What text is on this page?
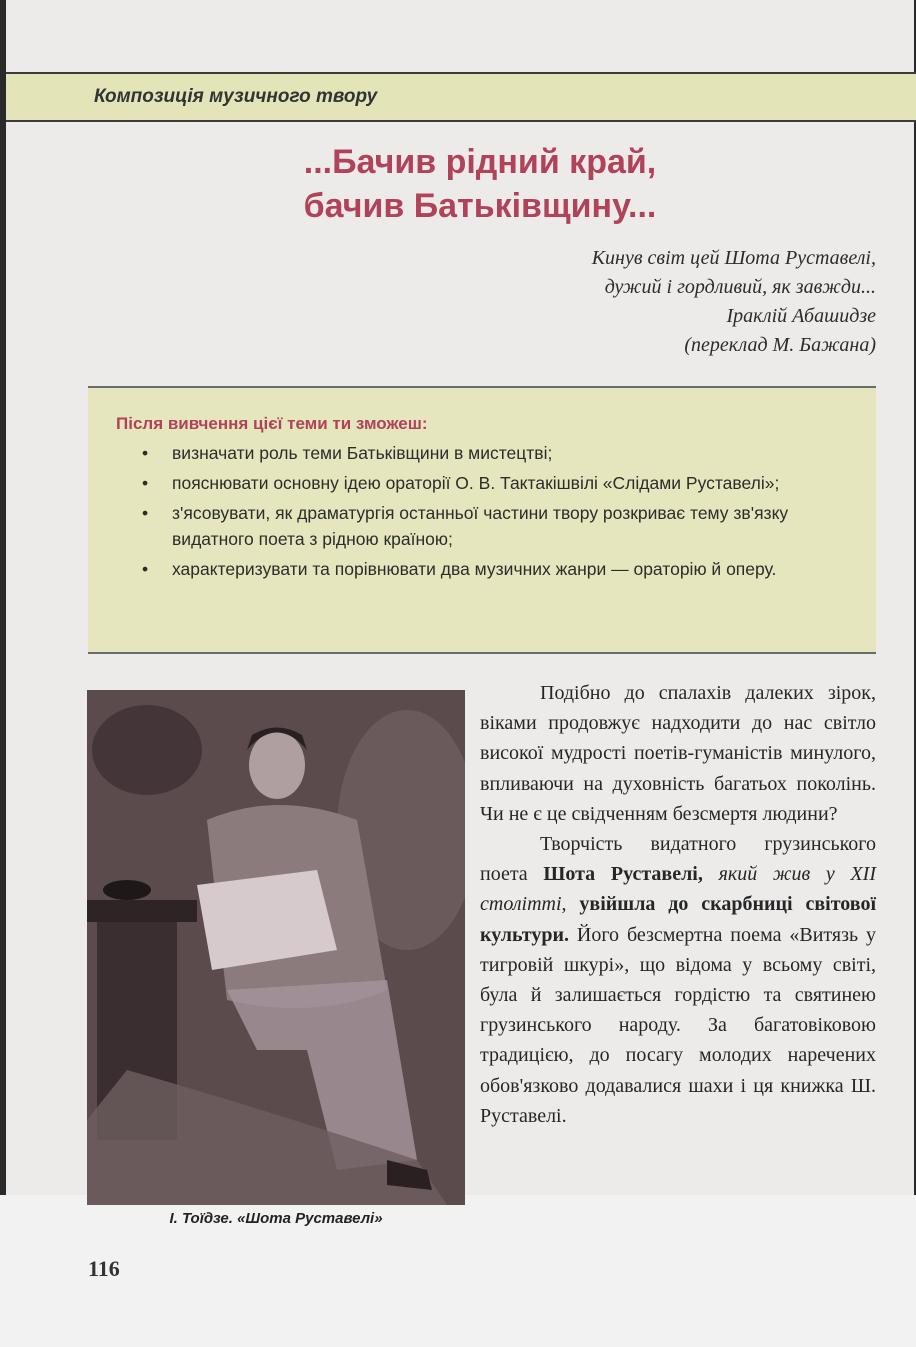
Композиція музичного твору
...Бачив рідний край,
бачив Батьківщину...
Кинув світ цей Шота Руставелі,
дужий і гордливий, як завжди...
Іраклій Абашидзе
(переклад М. Бажана)
Після вивчення цієї теми ти зможеш:
• визначати роль теми Батьківщини в мистецтві;
• пояснювати основну ідею ораторії О. В. Тактакішвілі «Слідами Руставелі»;
• з'ясовувати, як драматургія останньої частини твору розкриває тему зв'язку видатного поета з рідною країною;
• характеризувати та порівнювати два музичних жанри — ораторію й оперу.
І. Тоїдзе. «Шота Руставелі»

Подібно до спалахів далеких зірок, віками продовжує надходити до нас світло високої мудрості поетів-гуманістів минулого, впливаючи на духовність багатьох поколінь. Чи не є це свідченням безсмертя людини?

Творчість видатного грузинського поета Шота Руставелі, який жив у XII столітті, увійшла до скарбниці світової культури. Його безсмертна поема «Витязь у тигровій шкурі», що відома у всьому світі, була й залишається гордістю та святинею грузинського народу. За багатовіковою традицією, до посагу молодих наречених обов'язково додавалися шахи і ця книжка Ш. Руставелі.

116
